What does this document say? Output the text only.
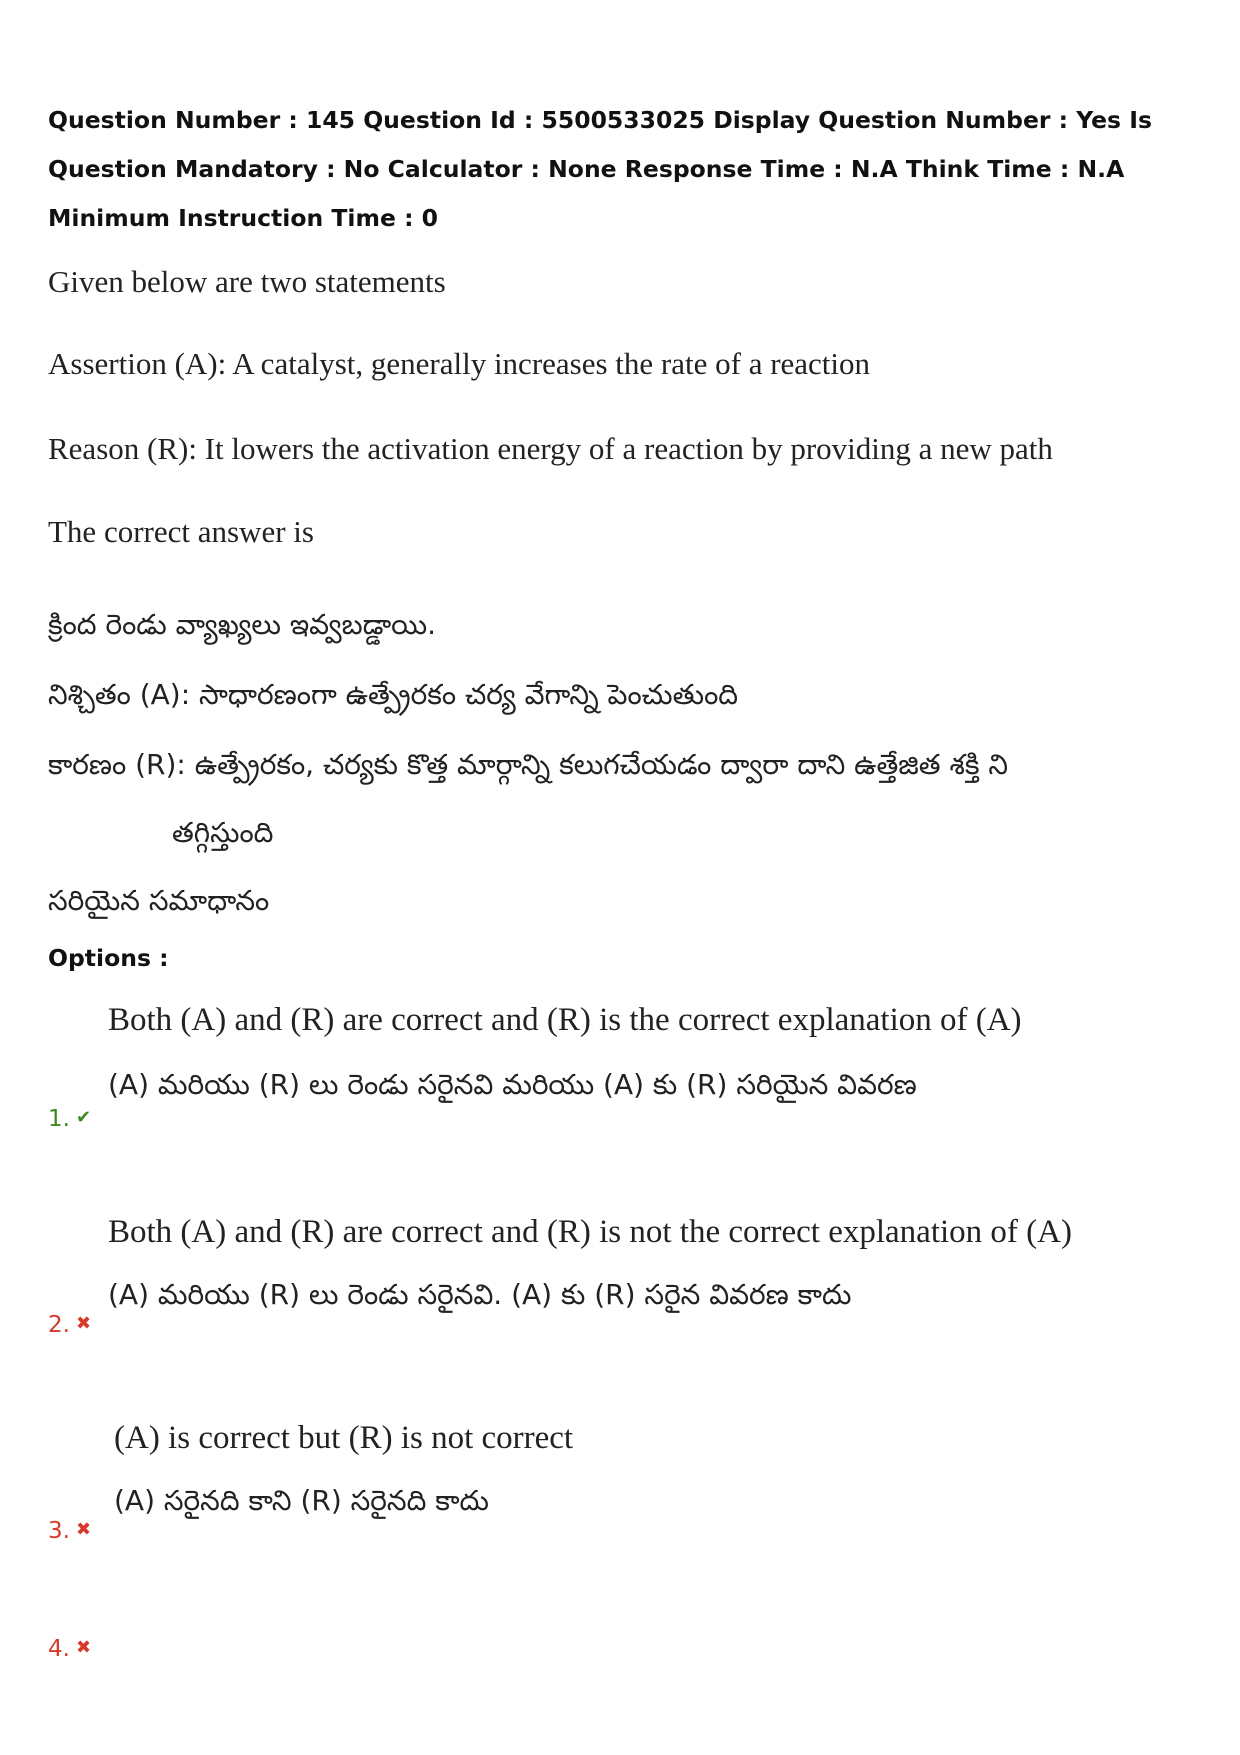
Question Number : 145 Question Id : 5500533025 Display Question Number : Yes Is Question Mandatory : No Calculator : None Response Time : N.A Think Time : N.A Minimum Instruction Time : 0
Given below are two statements
Assertion (A): A catalyst, generally increases the rate of a reaction
Reason (R): It lowers the activation energy of a reaction by providing a new path
The correct answer is
క్రింద రెండు వ్యాఖ్యలు ఇవ్వబడ్డాయి.
నిశ్చితం (A): సాధారణంగా ఉత్ప్రేరకం చర్య వేగాన్ని పెంచుతుంది
కారణం (R): ఉత్ప్రేరకం, చర్యకు కొత్త మార్గాన్ని కలుగచేయడం ద్వారా దాని ఉత్తేజిత శక్తి ని
తగ్గిస్తుంది
సరియైన సమాధానం
Options :
Both (A) and (R) are correct and (R) is the correct explanation of (A)
(A) మరియు (R) లు రెండు సరైనవి మరియు (A) కు (R) సరియైన వివరణ
1. ✔
Both (A) and (R) are correct and (R) is not the correct explanation of (A)
(A) మరియు (R) లు రెండు సరైనవి. (A) కు (R) సరైన వివరణ కాదు
2. ✖
(A) is correct but (R) is not correct
(A) సరైనది కాని (R) సరైనది కాదు
3. ✖
4. ✖
